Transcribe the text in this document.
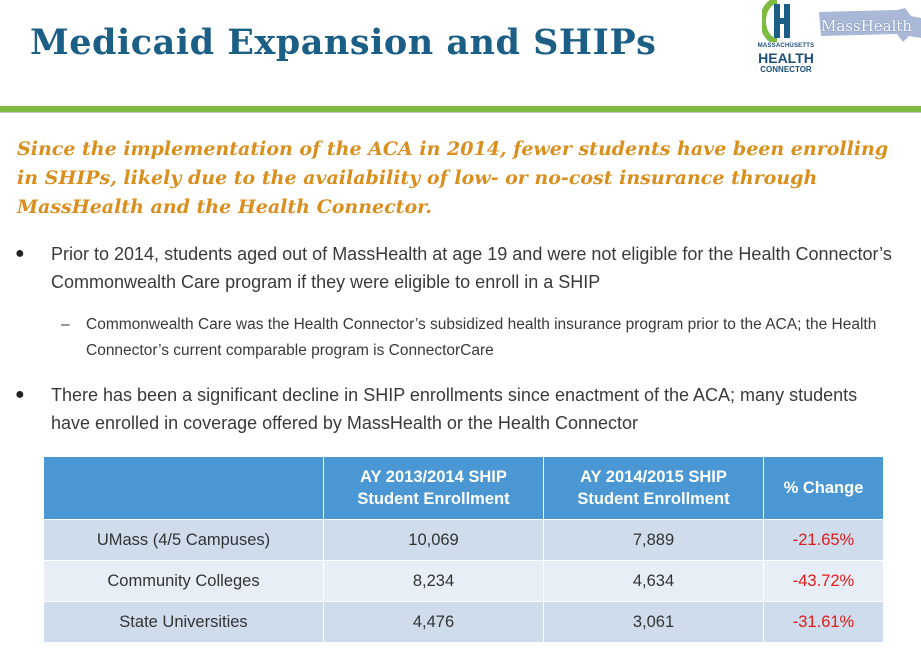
Medicaid Expansion and SHIPs	MASSACHUSETTS
HEALTH
CONNECTOR
MassHealth

Since the implementation of the ACA in 2014, fewer students have been enrolling in SHIPs, likely due to the availability of low- or no-cost insurance through MassHealth and the Health Connector.

● Prior to 2014, students aged out of MassHealth at age 19 and were not eligible for the Health Connector’s Commonwealth Care program if they were eligible to enroll in a SHIP
– Commonwealth Care was the Health Connector’s subsidized health insurance program prior to the ACA; the Health Connector’s current comparable program is ConnectorCare
● There has been a significant decline in SHIP enrollments since enactment of the ACA; many students have enrolled in coverage offered by MassHealth or the Health Connector
	AY 2013/2014 SHIP Student Enrollment	AY 2014/2015 SHIP Student Enrollment	% Change
UMass (4/5 Campuses)	10,069	7,889	-21.65%
Community Colleges	8,234	4,634	-43.72%
State Universities	4,476	3,061	-31.61%
